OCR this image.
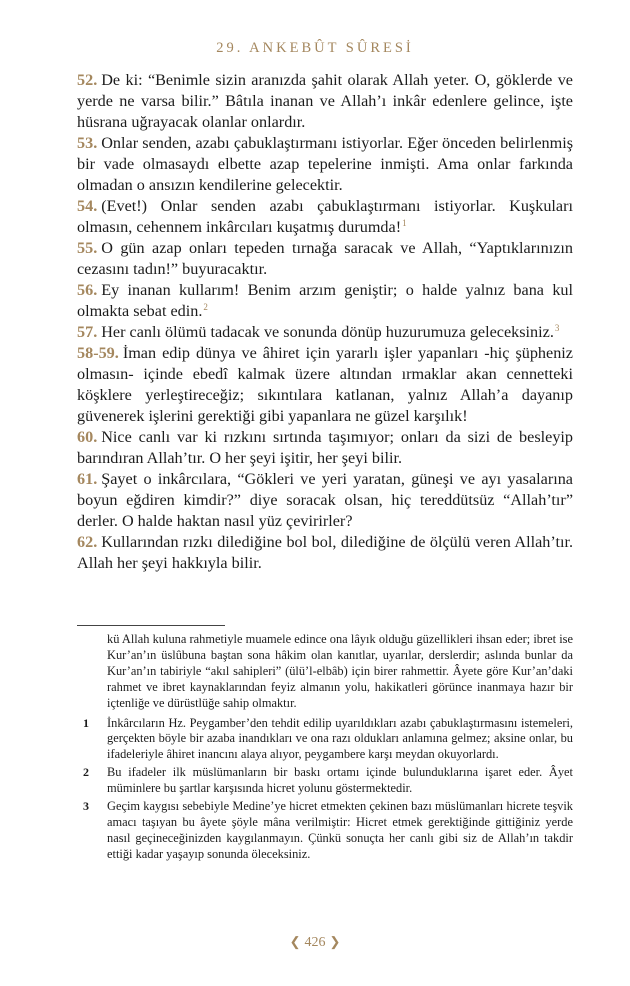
29. ANKEBÛT SÛRESİ

52. De ki: “Benimle sizin aranızda şahit olarak Allah yeter. O, göklerde ve yerde ne varsa bilir.” Bâtıla inanan ve Allah’ı inkâr edenlere gelince, işte hüsrana uğrayacak olanlar onlardır.

53. Onlar senden, azabı çabuklaştırmanı istiyorlar. Eğer önceden belirlenmiş bir vade olmasaydı elbette azap tepelerine inmişti. Ama onlar farkında olmadan o ansızın kendilerine gelecektir.

54. (Evet!) Onlar senden azabı çabuklaştırmanı istiyorlar. Kuşkuları olmasın, cehennem inkârcıları kuşatmış durumda!$^1$

55. O gün azap onları tepeden tırnağa saracak ve Allah, “Yaptıklarınızın cezasını tadın!” buyuracaktır.

56. Ey inanan kullarım! Benim arzım geniştir; o halde yalnız bana kul olmakta sebat edin.$^2$

57. Her canlı ölümü tadacak ve sonunda dönüp huzurumuza geleceksiniz.$^3$

58-59. İman edip dünya ve âhiret için yararlı işler yapanları -hiç şüpheniz olmasın- içinde ebedî kalmak üzere altından ırmaklar akan cennetteki köşklere yerleştireceğiz; sıkıntılara katlanan, yalnız Allah’a dayanıp güvenerek işlerini gerektiği gibi yapanlara ne güzel karşılık!

60. Nice canlı var ki rızkını sırtında taşımıyor; onları da sizi de besleyip barındıran Allah’tır. O her şeyi işitir, her şeyi bilir.

61. Şayet o inkârcılara, “Gökleri ve yeri yaratan, güneşi ve ayı yasalarına boyun eğdiren kimdir?” diye soracak olsan, hiç tereddütsüz “Allah’tır” derler. O halde haktan nasıl yüz çevirirler?

62. Kullarından rızkı dilediğine bol bol, dilediğine de ölçülü veren Allah’tır. Allah her şeyi hakkıyla bilir.

kü Allah kuluna rahmetiyle muamele edince ona lâyık olduğu güzellikleri ihsan eder; ibret ise Kur’an’ın üslûbuna baştan sona hâkim olan kanıtlar, uyarılar, derslerdir; aslında bunlar da Kur’an’ın tabiriyle “akıl sahipleri” (ülü’l-elbâb) için birer rahmettir. Âyete göre Kur’an’daki rahmet ve ibret kaynaklarından feyiz almanın yolu, hakikatleri görünce inanmaya hazır bir içtenliğe ve dürüstlüğe sahip olmaktır.

1 İnkârcıların Hz. Peygamber’den tehdit edilip uyarıldıkları azabı çabuklaştırmasını istemeleri, gerçekten böyle bir azaba inandıkları ve ona razı oldukları anlamına gelmez; aksine onlar, bu ifadeleriyle âhiret inancını alaya alıyor, peygambere karşı meydan okuyorlardı.

2 Bu ifadeler ilk müslümanların bir baskı ortamı içinde bulunduklarına işaret eder. Âyet müminlere bu şartlar karşısında hicret yolunu göstermektedir.

3 Geçim kaygısı sebebiyle Medine’ye hicret etmekten çekinen bazı müslümanları hicrete teşvik amacı taşıyan bu âyete şöyle mâna verilmiştir: Hicret etmek gerektiğinde gittiğiniz yerde nasıl geçineceğinizden kaygılanmayın. Çünkü sonuçta her canlı gibi siz de Allah’ın takdir ettiği kadar yaşayıp sonunda öleceksiniz.

❮ 426 ❯
